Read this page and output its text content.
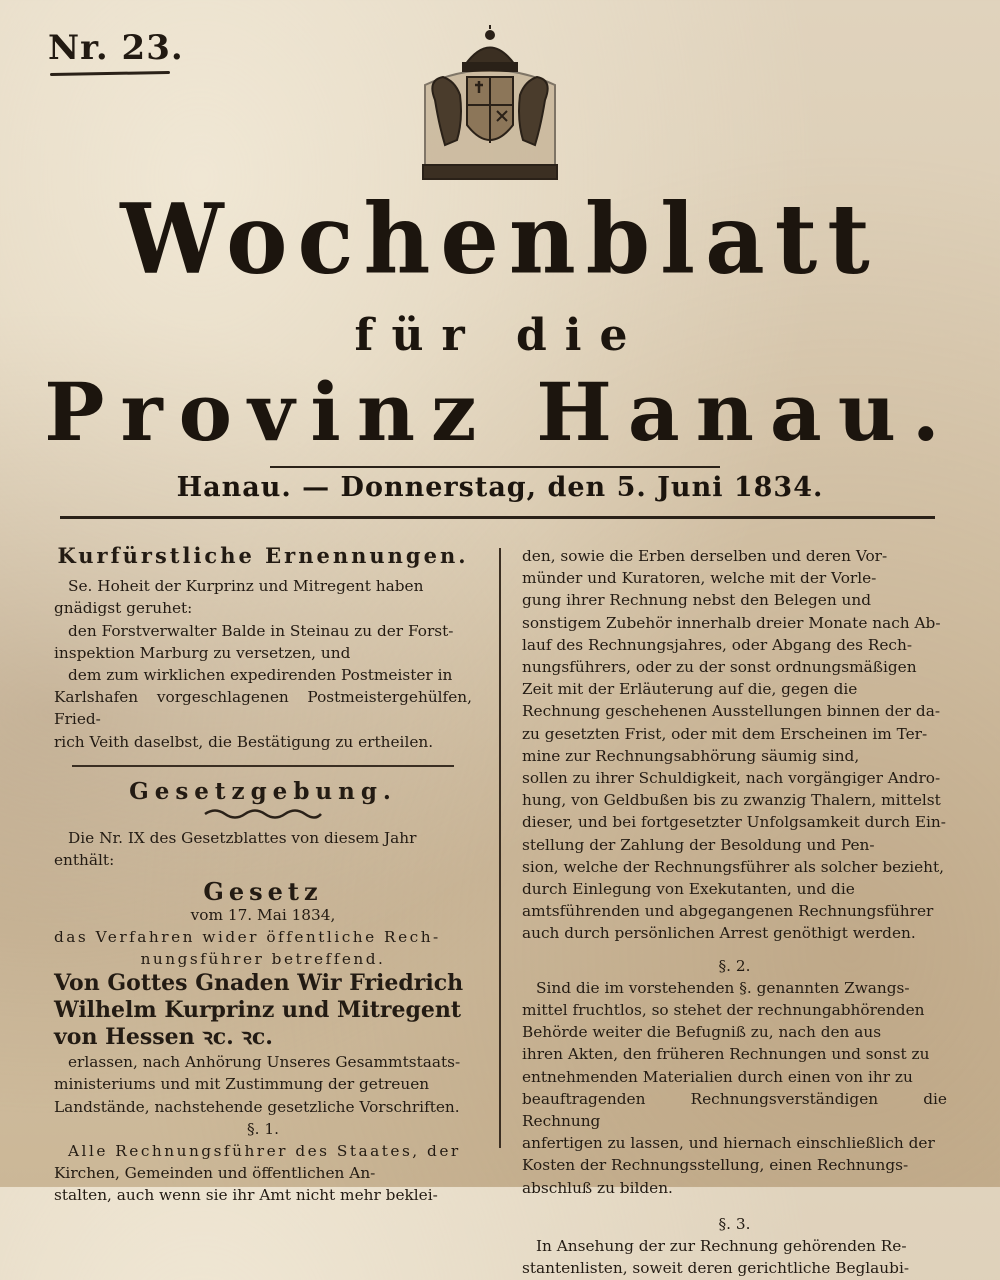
Nr. 23.
Wochenblatt
für die
Provinz Hanau.
Hanau. — Donnerstag, den 5. Juni 1834.
Kurfürstliche Ernennungen.

Se. Hoheit der Kurprinz und Mitregent haben

gnädigst geruhet:

den Forstverwalter Balde in Steinau zu der Forst-

inspektion Marburg zu versetzen, und

dem zum wirklichen expedirenden Postmeister in

Karlshafen vorgeschlagenen Postmeistergehülfen, Fried-

rich Veith daselbst, die Bestätigung zu ertheilen.

Gesetzgebung.

Die Nr. IX des Gesetzblattes von diesem Jahr

enthält:

Gesetz

vom 17. Mai 1834,

das Verfahren wider öffentliche Rech-

nungsführer betreffend.

Von Gottes Gnaden Wir Friedrich

Wilhelm Kurprinz und Mitregent

von Hessen ꝛc. ꝛc.

erlassen, nach Anhörung Unseres Gesammtstaats-

ministeriums und mit Zustimmung der getreuen

Landstände, nachstehende gesetzliche Vorschriften.

§. 1.

Alle Rechnungsführer des Staates, der

Kirchen, Gemeinden und öffentlichen An-

stalten, auch wenn sie ihr Amt nicht mehr beklei-

den, sowie die Erben derselben und deren Vor-

münder und Kuratoren, welche mit der Vorle-

gung ihrer Rechnung nebst den Belegen und

sonstigem Zubehör innerhalb dreier Monate nach Ab-

lauf des Rechnungsjahres, oder Abgang des Rech-

nungsführers, oder zu der sonst ordnungsmäßigen

Zeit mit der Erläuterung auf die, gegen die

Rechnung geschehenen Ausstellungen binnen der da-

zu gesetzten Frist, oder mit dem Erscheinen im Ter-

mine zur Rechnungsabhörung säumig sind,

sollen zu ihrer Schuldigkeit, nach vorgängiger Andro-

hung, von Geldbußen bis zu zwanzig Thalern, mittelst

dieser, und bei fortgesetzter Unfolgsamkeit durch Ein-

stellung der Zahlung der Besoldung und Pen-

sion, welche der Rechnungsführer als solcher bezieht,

durch Einlegung von Exekutanten, und die

amtsführenden und abgegangenen Rechnungsführer

auch durch persönlichen Arrest genöthigt werden.

§. 2.

Sind die im vorstehenden §. genannten Zwangs-

mittel fruchtlos, so stehet der rechnungabhörenden

Behörde weiter die Befugniß zu, nach den aus

ihren Akten, den früheren Rechnungen und sonst zu

entnehmenden Materialien durch einen von ihr zu

beauftragenden Rechnungsverständigen die Rechnung

anfertigen zu lassen, und hiernach einschließlich der

Kosten der Rechnungsstellung, einen Rechnungs-

abschluß zu bilden.

§. 3.

In Ansehung der zur Rechnung gehörenden Re-

stantenlisten, soweit deren gerichtliche Beglaubi-
